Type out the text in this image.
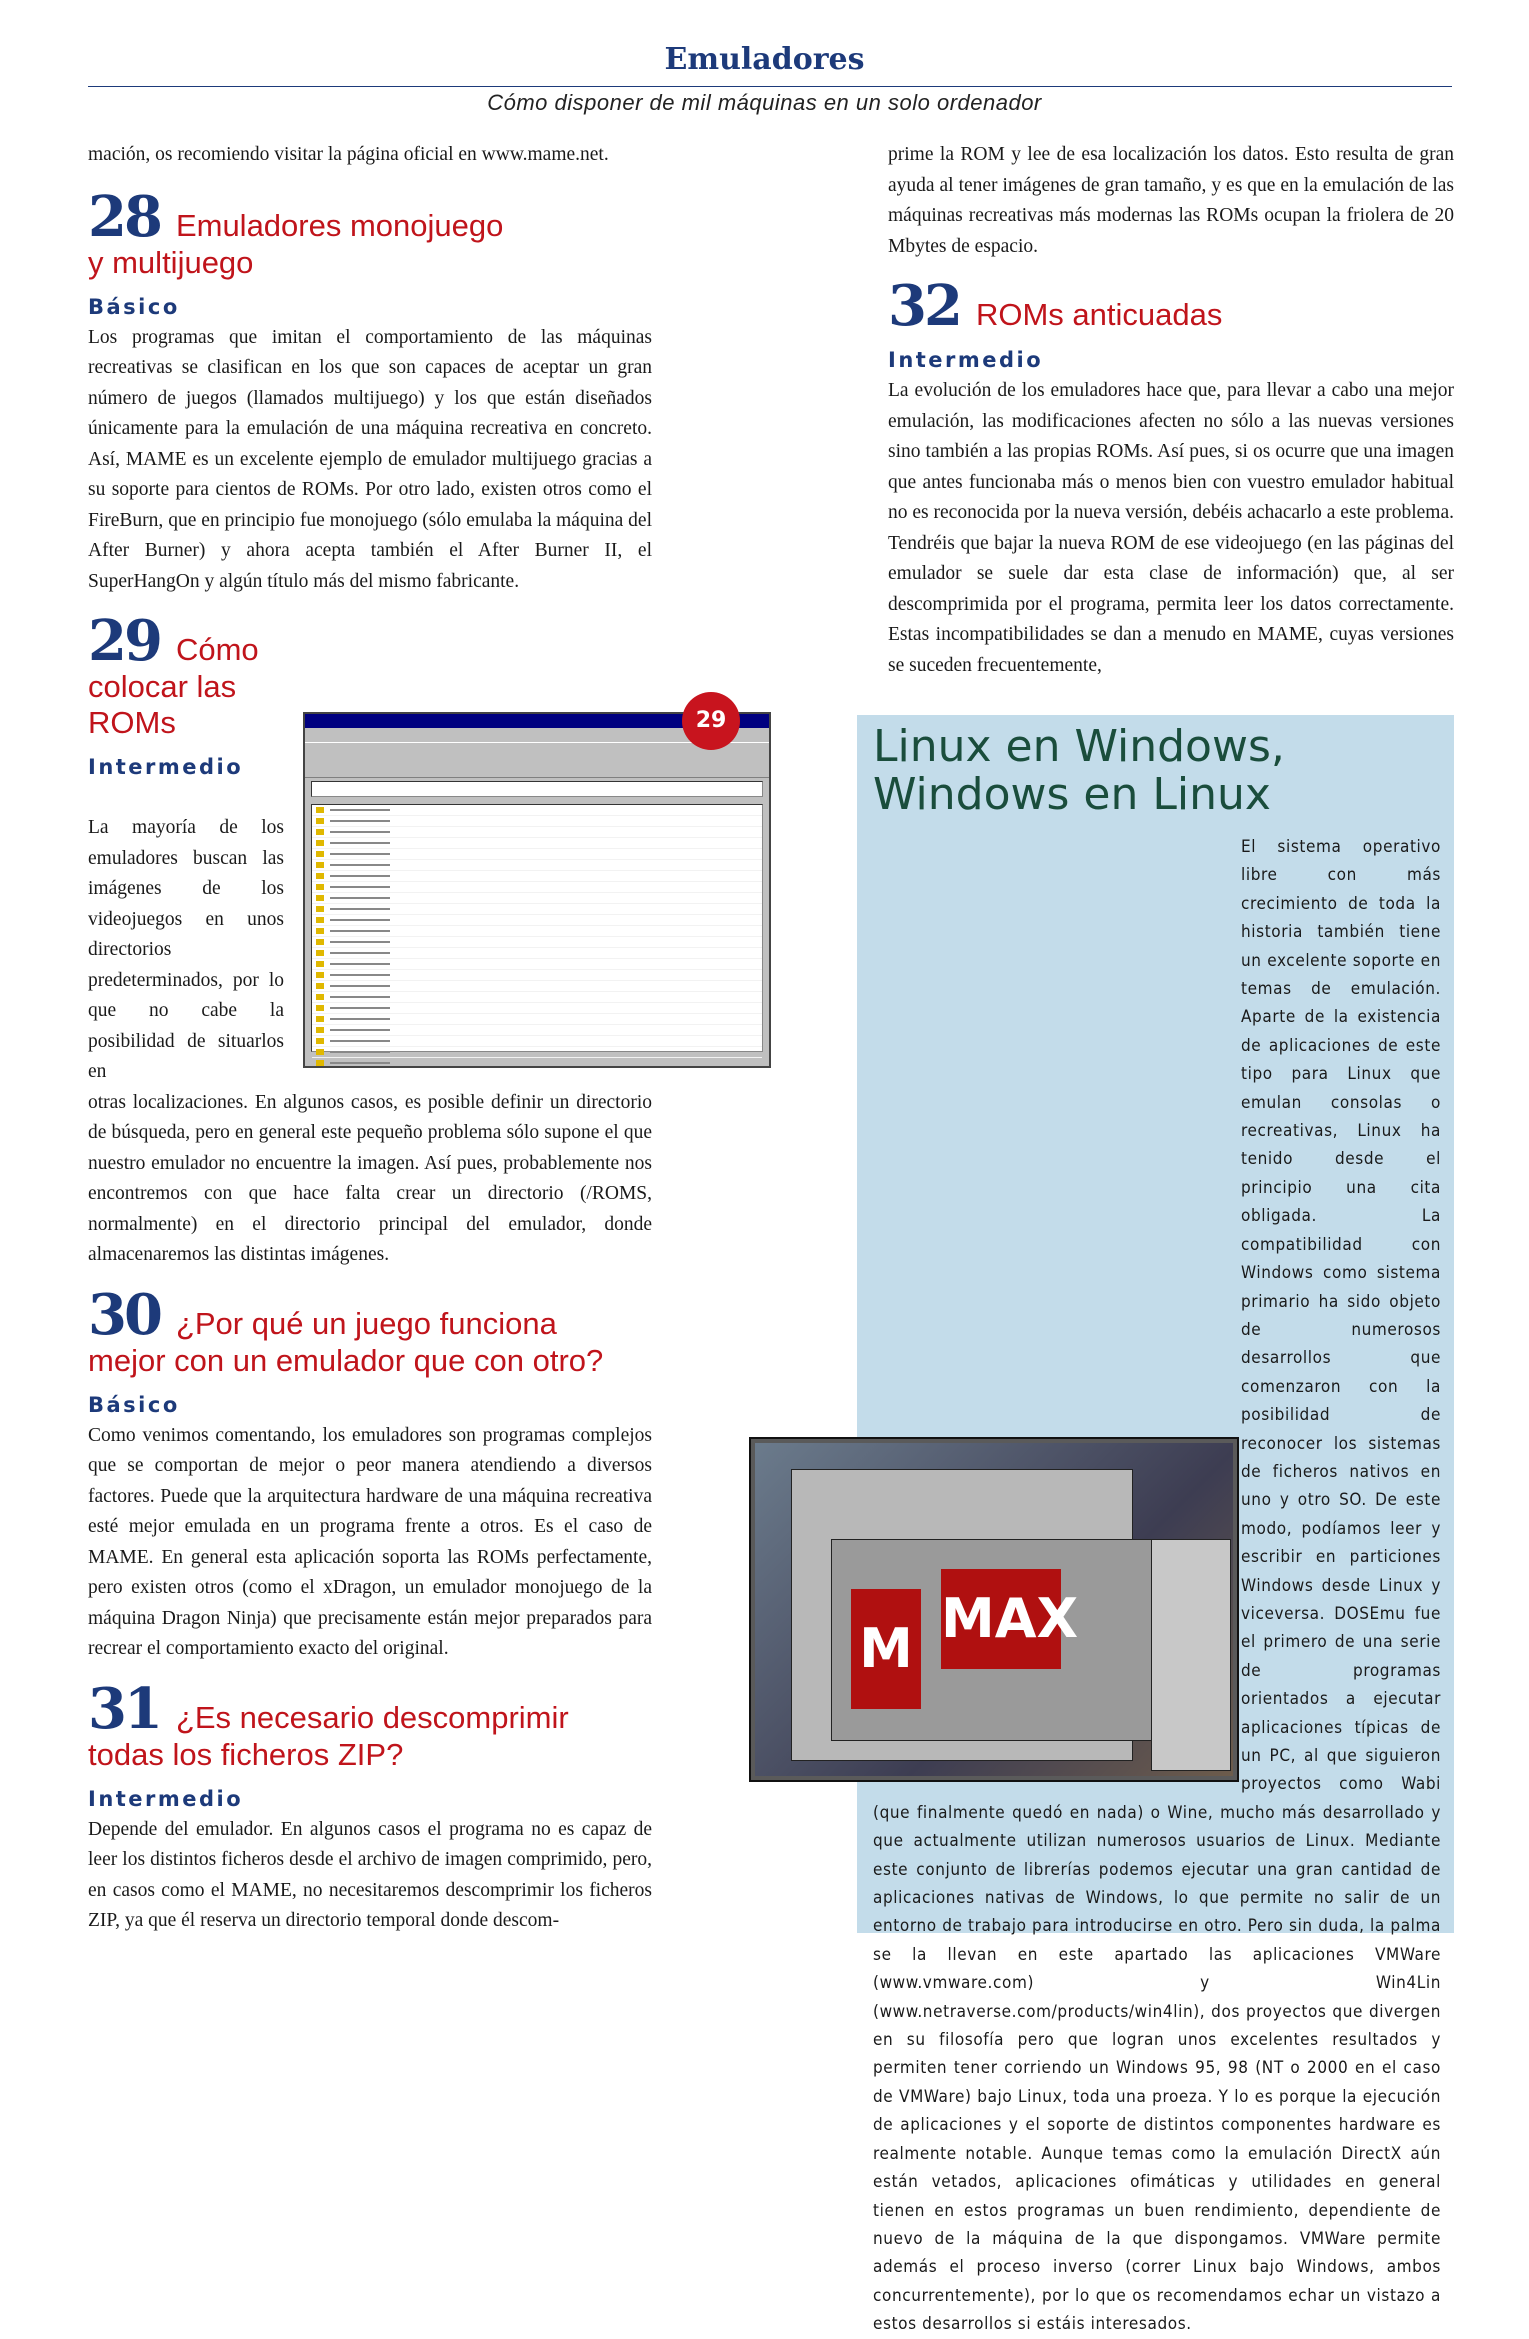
Emuladores
Cómo disponer de mil máquinas en un solo ordenador

mación, os recomiendo visitar la página oficial en www.mame.net.

28 Emuladores monojuego
y multijuego
Básico

Los programas que imitan el comportamiento de las máquinas recreativas se clasifican en los que son capaces de aceptar un gran número de juegos (llamados multijuego) y los que están diseñados únicamente para la emulación de una máquina recreativa en concreto. Así, MAME es un excelente ejemplo de emulador multijuego gracias a su soporte para cientos de ROMs. Por otro lado, existen otros como el FireBurn, que en principio fue monojuego (sólo emulaba la máquina del After Burner) y ahora acepta también el After Burner II, el SuperHangOn y algún título más del mismo fabricante.

29 Cómo
colocar las
ROMs
Intermedio

La mayoría de los emuladores buscan las imágenes de los videojuegos en unos directorios predeterminados, por lo que no cabe la posibilidad de situarlos en

otras localizaciones. En algunos casos, es posible definir un directorio de búsqueda, pero en general este pequeño problema sólo supone el que nuestro emulador no encuentre la imagen. Así pues, probablemente nos encontremos con que hace falta crear un directorio (/ROMS, normalmente) en el directorio principal del emulador, donde almacenaremos las distintas imágenes.

30 ¿Por qué un juego funciona
mejor con un emulador que con otro?
Básico

Como venimos comentando, los emuladores son programas complejos que se comportan de mejor o peor manera atendiendo a diversos factores. Puede que la arquitectura hardware de una máquina recreativa esté mejor emulada en un programa frente a otros. Es el caso de MAME. En general esta aplicación soporta las ROMs perfectamente, pero existen otros (como el xDragon, un emulador monojuego de la máquina Dragon Ninja) que precisamente están mejor preparados para recrear el comportamiento exacto del original.

31 ¿Es necesario descomprimir
todas los ficheros ZIP?
Intermedio

Depende del emulador. En algunos casos el programa no es capaz de leer los distintos ficheros desde el archivo de imagen comprimido, pero, en casos como el MAME, no necesitaremos descomprimir los ficheros ZIP, ya que él reserva un directorio temporal donde descom-

29

prime la ROM y lee de esa localización los datos. Esto resulta de gran ayuda al tener imágenes de gran tamaño, y es que en la emulación de las máquinas recreativas más modernas las ROMs ocupan la friolera de 20 Mbytes de espacio.

32 ROMs anticuadas
Intermedio

La evolución de los emuladores hace que, para llevar a cabo una mejor emulación, las modificaciones afecten no sólo a las nuevas versiones sino también a las propias ROMs. Así pues, si os ocurre que una imagen que antes funcionaba más o menos bien con vuestro emulador habitual no es reconocida por la nueva versión, debéis achacarlo a este problema. Tendréis que bajar la nueva ROM de ese videojuego (en las páginas del emulador se suele dar esta clase de información) que, al ser descomprimida por el programa, permita leer los datos correctamente. Estas incompatibilidades se dan a menudo en MAME, cuyas versiones se suceden frecuentemente,

Linux en Windows,
Windows en Linux
El sistema operativo libre con más crecimiento de toda la historia también tiene un excelente soporte en temas de emulación. Aparte de la existencia de aplicaciones de este tipo para Linux que emulan consolas o recreativas, Linux ha tenido desde el principio una cita obligada. La compatibilidad con Windows como sistema primario ha sido objeto de numerosos desarrollos que comenzaron con la posibilidad de reconocer los sistemas de ficheros nativos en uno y otro SO. De este modo, podíamos leer y escribir en particiones Windows desde Linux y viceversa. DOSEmu fue el primero de una serie de programas orientados a ejecutar aplicaciones típicas de un PC, al que siguieron proyectos como Wabi (que finalmente quedó en nada) o Wine, mucho más desarrollado y que actualmente utilizan numerosos usuarios de Linux. Mediante este conjunto de librerías podemos ejecutar una gran cantidad de aplicaciones nativas de Windows, lo que permite no salir de un entorno de trabajo para introducirse en otro. Pero sin duda, la palma se la llevan en este apartado las aplicaciones VMWare (www.vmware.com) y Win4Lin (www.netraverse.com/products/win4lin), dos proyectos que divergen en su filosofía pero que logran unos excelentes resultados y permiten tener corriendo un Windows 95, 98 (NT o 2000 en el caso de VMWare) bajo Linux, toda una proeza. Y lo es porque la ejecución de aplicaciones y el soporte de distintos componentes hardware es realmente notable. Aunque temas como la emulación DirectX aún están vetados, aplicaciones ofimáticas y utilidades en general tienen en estos programas un buen rendimiento, dependiente de nuevo de la máquina de la que dispongamos. VMWare permite además el proceso inverso (correr Linux bajo Windows, ambos concurrentemente), por lo que os recomendamos echar un vistazo a estos desarrollos si estáis interesados.
M MAX
